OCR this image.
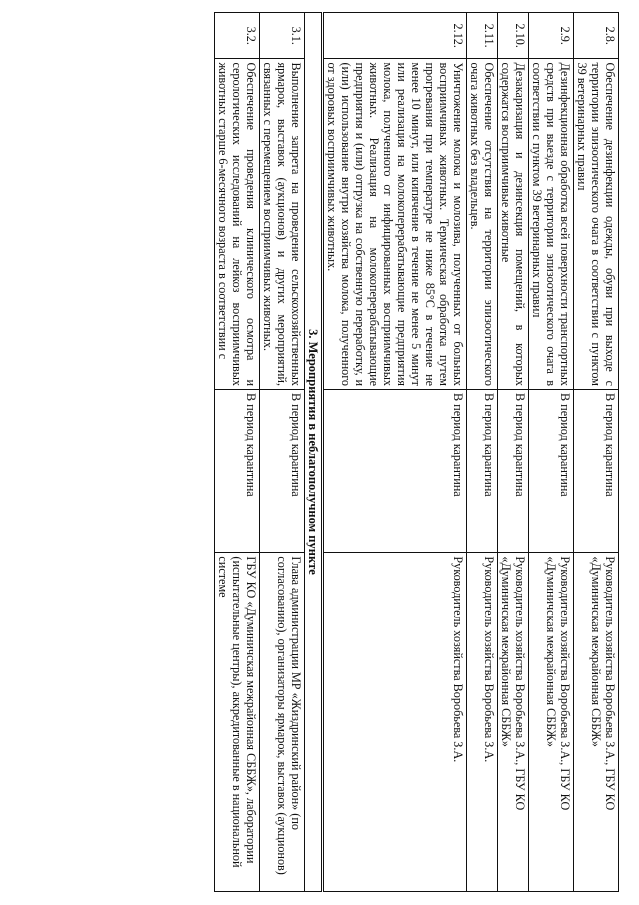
2.8.	Обеспечение дезинфекции одежды, обуви при выходе с территории эпизоотического очага в соответствии с пунктом 39 ветеринарных правил	В период карантина	Руководитель хозяйства Воробьева З.А., ГБУ КО «Думиничская межрайонная СББЖ»
2.9.	Дезинфекционная обработка всей поверхности транспортных средств при выезде с территории эпизоотического очага в соответствии с пунктом 39 ветеринарных правил	В период карантина	Руководитель хозяйства Воробьева З.А., ГБУ КО «Думиничская межрайонная СББЖ»
2.10.	Дезакаризация и дезинсекция помещений, в которых содержатся восприимчивые животные	В период карантина	Руководитель хозяйства Воробьева З.А., ГБУ КО «Думиничская межрайонная СББЖ»
2.11.	Обеспечение отсутствия на территории эпизоотического очага животных без владельцев.	В период карантина	Руководитель хозяйства Воробьева З.А.
2.12.	Уничтожение молока и молозива, полученных от больных восприимчивых животных. Термическая обработка путем прогревания при температуре не ниже 85°С в течение не менее 10 минут, или кипячение в течение не менее 5 минут или реализация на молокоперерабатывающие предприятия молока, полученного от инфицированных восприимчивых животных. Реализация на молокоперерабатывающие предприятия и (или) отгрузка на собственную переработку, и (или) использование внутри хозяйства молока, полученного от здоровых восприимчивых животных.	В период карантина	Руководитель хозяйства Воробьева З.А.
3. Мероприятия в неблагополучном пункте			
3.1.	Выполнение запрета на проведение сельскохозяйственных ярмарок, выставок (аукционов) и других мероприятий, связанных с перемещением восприимчивых животных.	В период карантина	Глава администрации МР «Жиздринский район» (по согласованию), организаторы ярмарок, выставок (аукционов)
3.2.	Обеспечение проведения клинического осмотра и серологических исследований на лейкоз восприимчивых животных старше 6-месячного возраста в соответствии с	В период карантина	ГБУ КО «Думиничская межрайонная СББЖ», лаборатории (испытательные центры), аккредитованные в национальной системе
